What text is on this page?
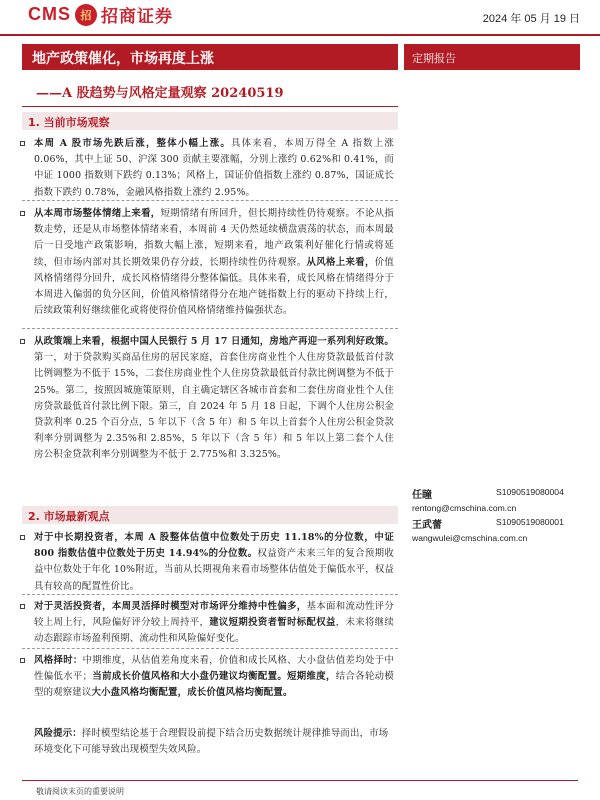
CMS 招 招商证券	2024 年 05 月 19 日
地产政策催化，市场再度上涨	定期报告
——A 股趋势与风格定量观察 20240519
1. 当前市场观察
本周 A 股市场先跌后涨，整体小幅上涨。具体来看，本周万得全 A 指数上涨 0.06%，其中上证 50、沪深 300 贡献主要涨幅，分别上涨约 0.62%和 0.41%，而中证 1000 指数则下跌约 0.13%；风格上，国证价值指数上涨约 0.87%，国证成长指数下跌约 0.78%，金融风格指数上涨约 2.95%。
从本周市场整体情绪上来看，短期情绪有所回升，但长期持续性仍待观察。不论从指数走势，还是从市场整体情绪来看，本周前 4 天仍然延续横盘震荡的状态，而本周最后一日受地产政策影响，指数大幅上涨，短期来看，地产政策利好催化行情或将延续，但市场内部对其长期效果仍存分歧，长期持续性仍待观察。从风格上来看，价值风格情绪得分回升，成长风格情绪得分整体偏低。具体来看，成长风格在情绪得分于本周进入偏弱的负分区间，价值风格情绪得分在地产链指数上行的驱动下持续上行，后续政策利好继续催化或将使得价值风格情绪维持偏强状态。
从政策端上来看，根据中国人民银行 5 月 17 日通知，房地产再迎一系列利好政策。第一，对于贷款购买商品住房的居民家庭，首套住房商业性个人住房贷款最低首付款比例调整为不低于 15%，二套住房商业性个人住房贷款最低首付款比例调整为不低于 25%。第二，按照因城施策原则，自主确定辖区各城市首套和二套住房商业性个人住房贷款最低首付款比例下限。第三，自 2024 年 5 月 18 日起，下调个人住房公积金贷款利率 0.25 个百分点，5 年以下（含 5 年）和 5 年以上首套个人住房公积金贷款利率分别调整为 2.35%和 2.85%，5 年以下（含 5 年）和 5 年以上第二套个人住房公积金贷款利率分别调整为不低于 2.775%和 3.325%。
2. 市场最新观点
对于中长期投资者，本周 A 股整体估值中位数处于历史 11.18%的分位数，中证 800 指数估值中位数处于历史 14.94%的分位数。权益资产未来三年的复合预期收益中位数处于年化 10%附近，当前从长期视角来看市场整体估值处于偏低水平，权益具有较高的配置性价比。
对于灵活投资者，本周灵活择时模型对市场评分维持中性偏多，基本面和流动性评分较上周上行，风险偏好评分较上周持平，建议短期投资者暂时标配权益，未来将继续动态跟踪市场盈利预期、流动性和风险偏好变化。
风格择时：中期维度，从估值差角度来看，价值和成长风格、大小盘估值差均处于中性偏低水平；当前成长价值风格和大小盘仍建议均衡配置。短期维度，结合各轮动模型的观察建议大小盘风格均衡配置，成长价值风格均衡配置。
风险提示：择时模型结论基于合理假设前提下结合历史数据统计规律推导而出，市场环境变化下可能导致出现模型失效风险。
任瞳	S1090519080004
rentong@cmschina.com.cn
王武蕾	S1090519080001
wangwulei@cmschina.com.cn
敬请阅读末页的重要说明
